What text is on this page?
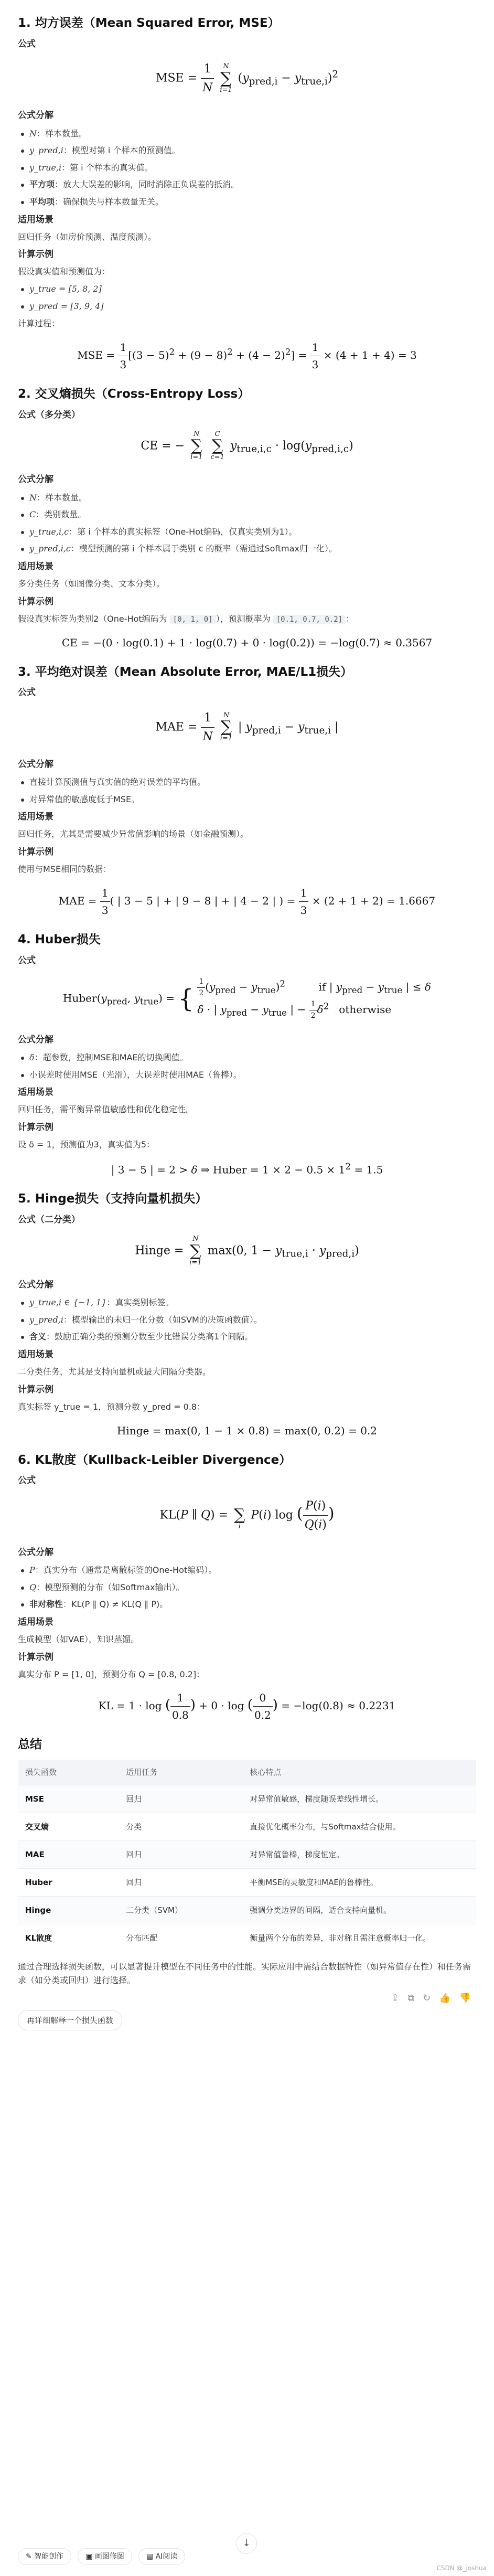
1. 均方误差（Mean Squared Error, MSE）
公式
MSE = $\frac{1}{N}$ N
∑
i=1 $(y_{pred,i} - y_{true,i})^2$
公式分解
N：样本数量。
y_pred,i：模型对第 i 个样本的预测值。
y_true,i：第 i 个样本的真实值。
平方项：放大大误差的影响，同时消除正负误差的抵消。
平均项：确保损失与样本数量无关。
适用场景
回归任务（如房价预测、温度预测）。
计算示例
假设真实值和预测值为：
y_true = [5, 8, 2]
y_pred = [3, 9, 4]
计算过程：
MSE = $\frac{1}{3} [(3 - 5)^2 + (9 - 8)^2 + (4 - 2)^2] = \frac{1}{3} \times (4 + 1 + 4) = 3$
2. 交叉熵损失（Cross-Entropy Loss）
公式（多分类）
CE = − N
∑
i=1 C
∑
c=1 $y_{true,i,c} \cdot \log(y_{pred,i,c})$
公式分解
N：样本数量。
C：类别数量。
y_true,i,c：第 i 个样本的真实标签（One-Hot编码，仅真实类别为1）。
y_pred,i,c：模型预测的第 i 个样本属于类别 c 的概率（需通过Softmax归一化）。
适用场景
多分类任务（如图像分类、文本分类）。
计算示例
假设真实标签为类别2（One-Hot编码为 [0, 1, 0] ），预测概率为 [0.1, 0.7, 0.2] ：
CE = −(0 · log(0.1) + 1 · log(0.7) + 0 · log(0.2)) = −log(0.7) ≈ 0.3567
3. 平均绝对误差（Mean Absolute Error, MAE/L1损失）
公式
MAE = $\frac{1}{N}$ N
∑
i=1 | $y_{pred,i} - y_{true,i}$ |
公式分解
直接计算预测值与真实值的绝对误差的平均值。
对异常值的敏感度低于MSE。
适用场景
回归任务，尤其是需要减少异常值影响的场景（如金融预测）。
计算示例
使用与MSE相同的数据：
MAE = $\frac{1}{3}$ ( | 3 − 5 | + | 9 − 8 | + | 4 − 2 | ) = $\frac{1}{3} \times (2 + 1 + 2) = 1.6667$
4. Huber损失
公式
$Huber(y_{pred}$, $y_{true}$) = { $\frac{1}{2} (y_{pred} - y_{true})^2$          if | $y_{pred} - y_{true}$ | ≤ δ
δ · | $y_{pred} - y_{true}$ | − $\frac{1}{2} \delta^2$   otherwise
公式分解
δ：超参数，控制MSE和MAE的切换阈值。
小误差时使用MSE（光滑），大误差时使用MAE（鲁棒）。
适用场景
回归任务，需平衡异常值敏感性和优化稳定性。
计算示例
设 δ = 1，预测值为3，真实值为5：
| 3 − 5 | = 2 > δ ⇒ Huber = $1 \times 2 - 0.5 \times 1^2 = 1.5$
5. Hinge损失（支持向量机损失）
公式（二分类）
Hinge = N
∑
i=1 max(0, $1 - y_{true,i} \cdot y_{pred,i}$)
公式分解
y_true,i ∈ {−1, 1}：真实类别标签。
y_pred,i：模型输出的未归一化分数（如SVM的决策函数值）。
含义：鼓励正确分类的预测分数至少比错误分类高1个间隔。
适用场景
二分类任务，尤其是支持向量机或最大间隔分类器。
计算示例
真实标签 y_true = 1，预测分数 y_pred = 0.8：
Hinge = max(0, 1 − 1 × 0.8) = max(0, 0.2) = 0.2
6. KL散度（Kullback-Leibler Divergence）
公式
KL(P ∥ Q) = ∑
i P(i) log ( $\frac{P(i)}{Q(i)}$ )
公式分解
P：真实分布（通常是离散标签的One-Hot编码）。
Q：模型预测的分布（如Softmax输出）。
非对称性：KL(P ∥ Q) ≠ KL(Q ∥ P)。
适用场景
生成模型（如VAE），知识蒸馏。
计算示例
真实分布 P = [1, 0]，预测分布 Q = [0.8, 0.2]：
KL = 1 · log ( $\frac{1}{0.8}$ ) + 0 · log ( $\frac{0}{0.2}$ ) = −log(0.8) ≈ 0.2231
总结
损失函数	适用任务	核心特点
MSE	回归	对异常值敏感，梯度随误差线性增长。
交叉熵	分类	直接优化概率分布，与Softmax结合使用。
MAE	回归	对异常值鲁棒，梯度恒定。
Huber	回归	平衡MSE的灵敏度和MAE的鲁棒性。
Hinge	二分类（SVM）	强调分类边界的间隔，适合支持向量机。
KL散度	分布匹配	衡量两个分布的差异，非对称且需注意概率归一化。
通过合理选择损失函数，可以显著提升模型在不同任务中的性能。实际应用中需结合数据特性（如异常值存在性）和任务需求（如分类或回归）进行选择。
⇪ ⧉ ↻ 👍 👎
再详细解释一个损失函数
↓
✎ 智能创作	▣ 画图修图	▤ AI阅读
CSDN @_joshua
